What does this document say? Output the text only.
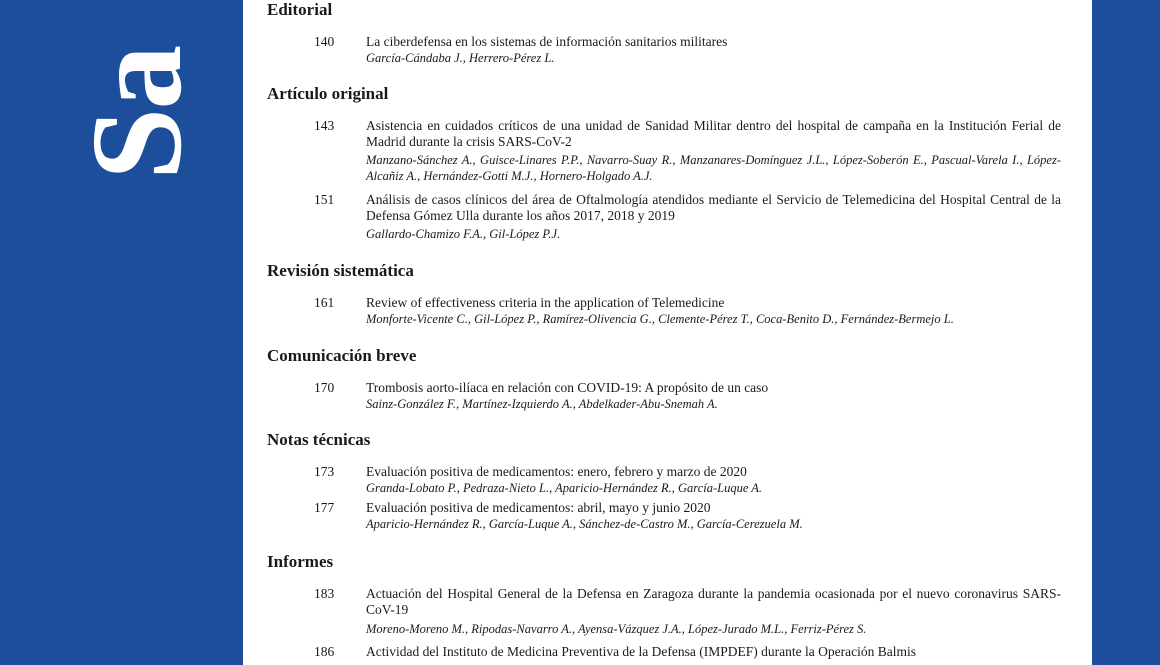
Sa
Editorial
140 La ciberdefensa en los sistemas de información sanitarios militares
García-Cándaba J., Herrero-Pérez L.
Artículo original
143 Asistencia en cuidados críticos de una unidad de Sanidad Militar dentro del hospital de campaña en la Institución Ferial de Madrid durante la crisis SARS-CoV-2
Manzano-Sánchez A., Guisce-Linares P.P., Navarro-Suay R., Manzanares-Domínguez J.L., López-Soberón E., Pascual-Varela I., López-Alcañiz A., Hernández-Gotti M.J., Hornero-Holgado A.J.
151 Análisis de casos clínicos del área de Oftalmología atendidos mediante el Servicio de Telemedicina del Hospital Central de la Defensa Gómez Ulla durante los años 2017, 2018 y 2019
Gallardo-Chamizo F.A., Gil-López P.J.
Revisión sistemática
161 Review of effectiveness criteria in the application of Telemedicine
Monforte-Vicente C., Gil-López P., Ramírez-Olivencia G., Clemente-Pérez T., Coca-Benito D., Fernández-Bermejo L.
Comunicación breve
170 Trombosis aorto-ilíaca en relación con COVID-19: A propósito de un caso
Sainz-González F., Martínez-Izquierdo A., Abdelkader-Abu-Snemah A.
Notas técnicas
173 Evaluación positiva de medicamentos: enero, febrero y marzo de 2020
Granda-Lobato P., Pedraza-Nieto L., Aparicio-Hernández R., García-Luque A.
177 Evaluación positiva de medicamentos: abril, mayo y junio 2020
Aparicio-Hernández R., García-Luque A., Sánchez-de-Castro M., García-Cerezuela M.
Informes
183 Actuación del Hospital General de la Defensa en Zaragoza durante la pandemia ocasionada por el nuevo coronavirus SARS-CoV-19
Moreno-Moreno M., Ripodas-Navarro A., Ayensa-Vázquez J.A., López-Jurado M.L., Ferriz-Pérez S.
186 Actividad del Instituto de Medicina Preventiva de la Defensa (IMPDEF) durante la Operación Balmis
